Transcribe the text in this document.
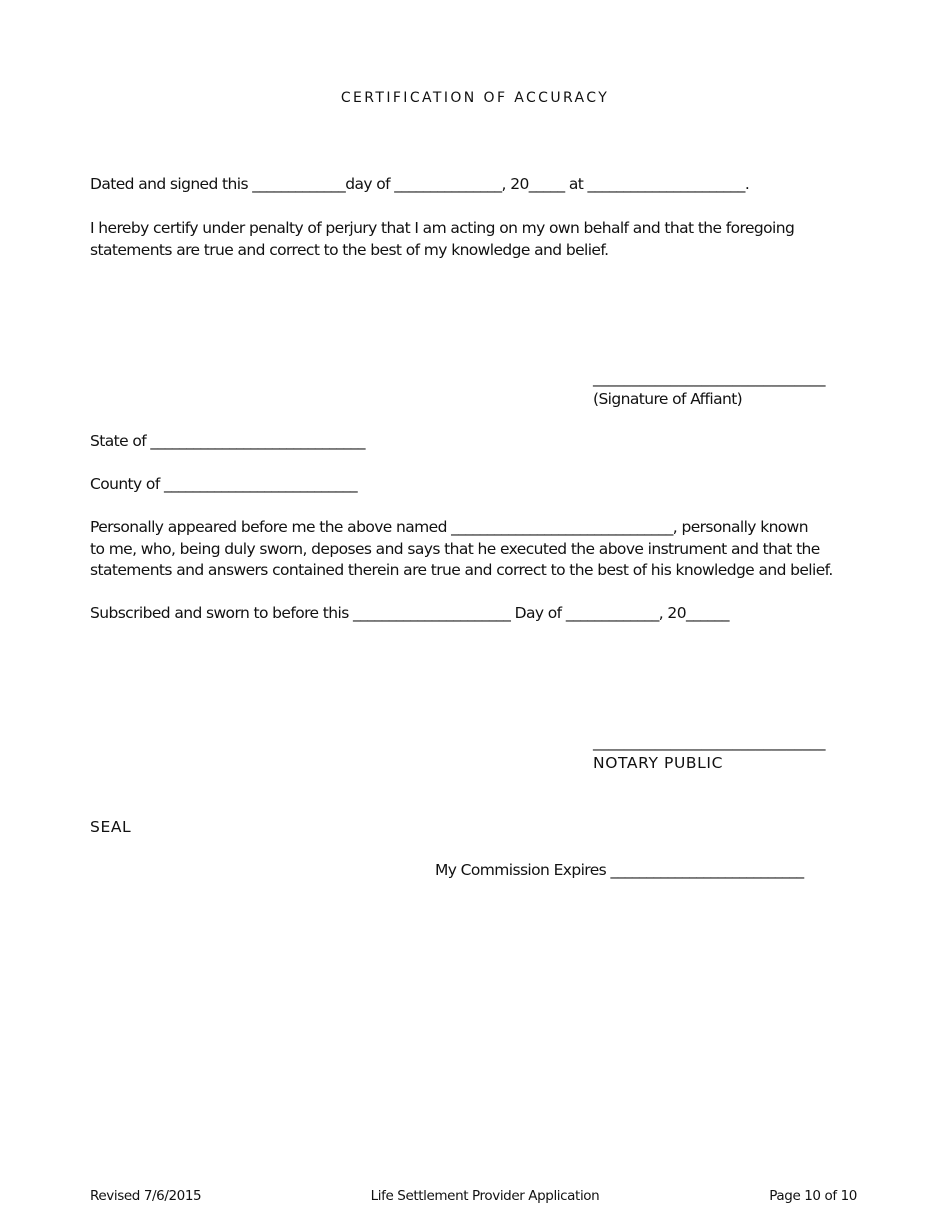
CERTIFICATION OF ACCURACY
Dated and signed this _____________day of _______________, 20_____ at ______________________.

I hereby certify under penalty of perjury that I am acting on my own behalf and that the foregoing

statements are true and correct to the best of my knowledge and belief.

______________________________
(Signature of Affiant)
State of ______________________________
County of ___________________________

Personally appeared before me the above named _______________________________, personally known

to me, who, being duly sworn, deposes and says that he executed the above instrument and that the

statements and answers contained therein are true and correct to the best of his knowledge and belief.

Subscribed and sworn to before this ______________________ Day of _____________, 20______
______________________________
NOTARY PUBLIC
SEAL
My Commission Expires ___________________________
Revised 7/6/2015	Life Settlement Provider Application	Page 10 of 10
